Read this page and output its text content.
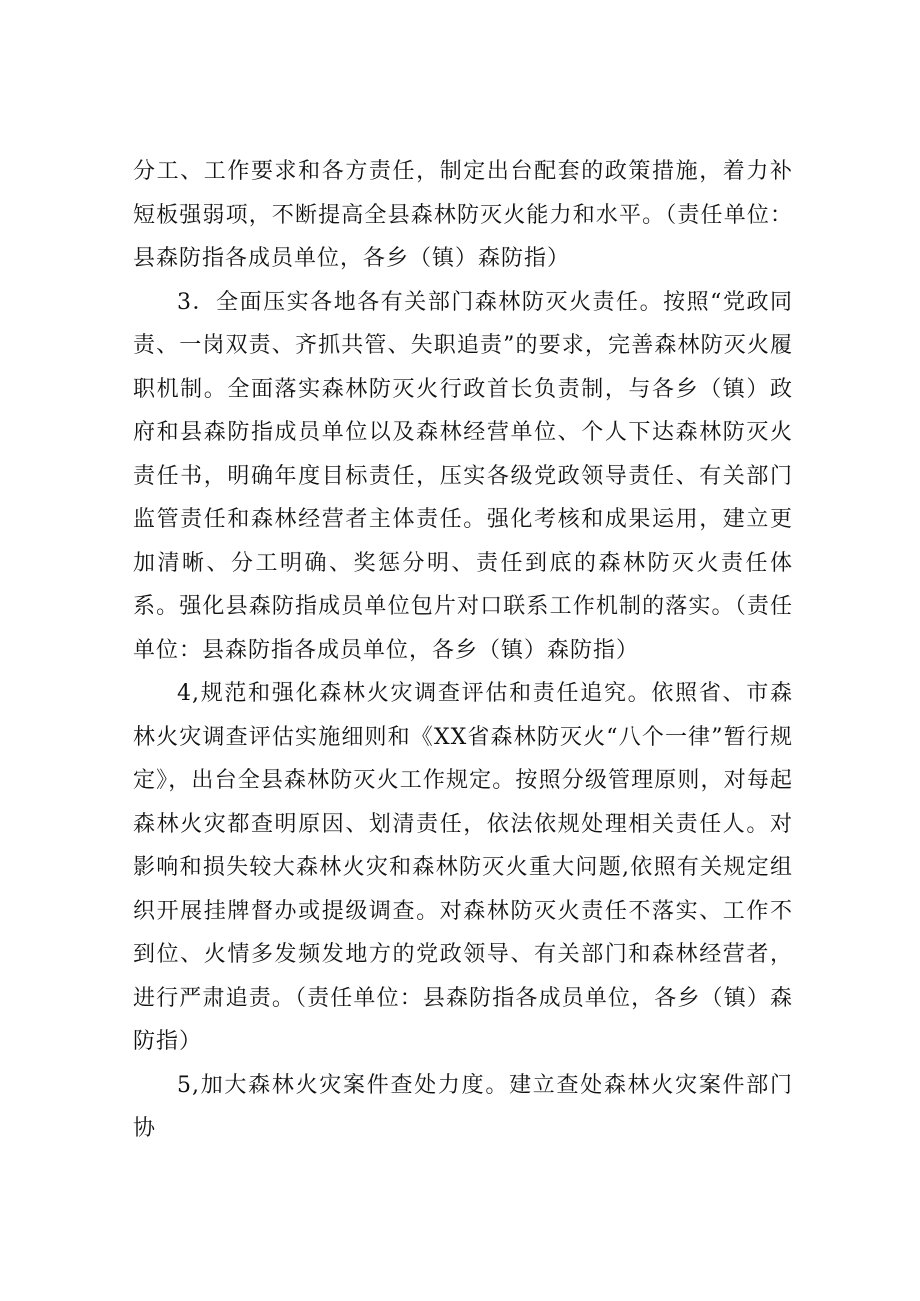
分工、工作要求和各方责任，制定出台配套的政策措施，着力补短板强弱项，不断提高全县森林防灭火能力和水平。（责任单位：县森防指各成员单位，各乡（镇）森防指）

3．全面压实各地各有关部门森林防灭火责任。按照“党政同责、一岗双责、齐抓共管、失职追责”的要求，完善森林防灭火履职机制。全面落实森林防灭火行政首长负责制，与各乡（镇）政府和县森防指成员单位以及森林经营单位、个人下达森林防灭火责任书，明确年度目标责任，压实各级党政领导责任、有关部门监管责任和森林经营者主体责任。强化考核和成果运用，建立更加清晰、分工明确、奖惩分明、责任到底的森林防灭火责任体系。强化县森防指成员单位包片对口联系工作机制的落实。（责任单位：县森防指各成员单位，各乡（镇）森防指）

4,规范和强化森林火灾调查评估和责任追究。依照省、市森林火灾调查评估实施细则和《XX省森林防灭火“八个一律”暂行规定》，出台全县森林防灭火工作规定。按照分级管理原则，对每起森林火灾都查明原因、划清责任，依法依规处理相关责任人。对影响和损失较大森林火灾和森林防灭火重大问题,依照有关规定组织开展挂牌督办或提级调查。对森林防灭火责任不落实、工作不到位、火情多发频发地方的党政领导、有关部门和森林经营者，进行严肃追责。（责任单位：县森防指各成员单位，各乡（镇）森防指）

5,加大森林火灾案件查处力度。建立查处森林火灾案件部门协
